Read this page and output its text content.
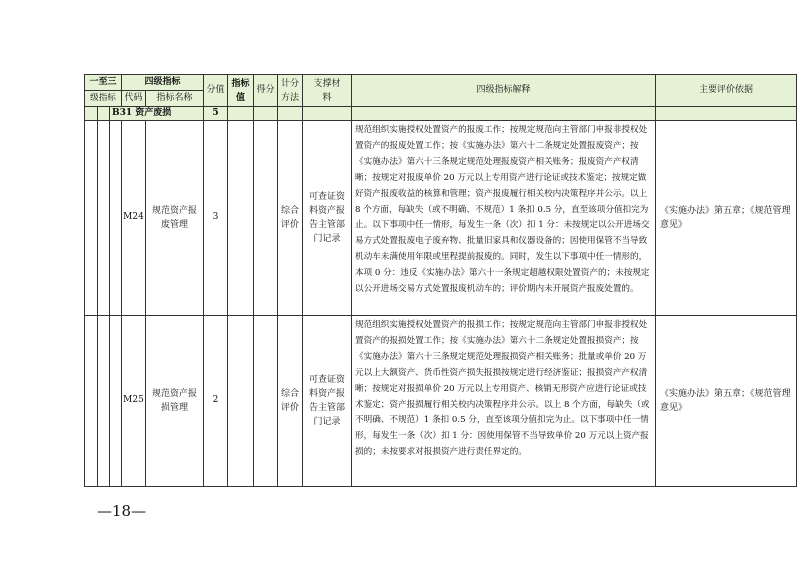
一至三			四级指标		分值	指标值	得分	计分方法	支撑材料	四级指标解释	主要评价依据
级指标			代码	指标名称							
		B31 资产废损			5						
			M24	规范资产报废管理	3			综合评价	可查证资料资产报告主管部门记录	规范组织实施授权处置资产的报废工作；按规定规范向主管部门申报非授权处置资产的报废处置工作；按《实施办法》第六十二条规定处置报废资产；按《实施办法》第六十三条规定规范处理报废资产相关账务；报废资产产权清晰；按规定对报废单价 20 万元以上专用资产进行论证或技术鉴定；按规定做好资产报废收益的核算和管理；资产报废履行相关校内决策程序并公示。以上 8 个方面，每缺失（或不明确、不规范）1 条扣 0.5 分，直至该项分值扣完为止。以下事项中任一情形，每发生一条（次）扣 1 分：未按规定以公开进场交易方式处置报废电子废弃物、批量旧家具和仪器设备的；因使用保管不当导致机动车未满使用年限或里程提前报废的。同时，发生以下事项中任一情形的，本项 0 分：违反《实施办法》第六十一条规定超越权限处置资产的；未按规定以公开进场交易方式处置报废机动车的；评价期内未开展资产报废处置的。	《实施办法》第五章；《规范管理意见》
			M25	规范资产报损管理	2			综合评价	可查证资料资产报告主管部门记录	规范组织实施授权处置资产的报损工作；按规定规范向主管部门申报非授权处置资产的报损处置工作；按《实施办法》第六十二条规定处置报损资产；按《实施办法》第六十三条规定规范处理报损资产相关账务；批量或单价 20 万元以上大额资产、货币性资产损失报损按规定进行经济鉴证；报损资产产权清晰；按规定对报损单价 20 万元以上专用资产、核销无形资产应进行论证或技术鉴定；资产报损履行相关校内决策程序并公示。以上 8 个方面，每缺失（或不明确、不规范）1 条扣 0.5 分，直至该项分值扣完为止。以下事项中任一情形，每发生一条（次）扣 1 分：因使用保管不当导致单价 20 万元以上资产报损的；未按要求对报损资产进行责任界定的。	《实施办法》第五章；《规范管理意见》
—18—
